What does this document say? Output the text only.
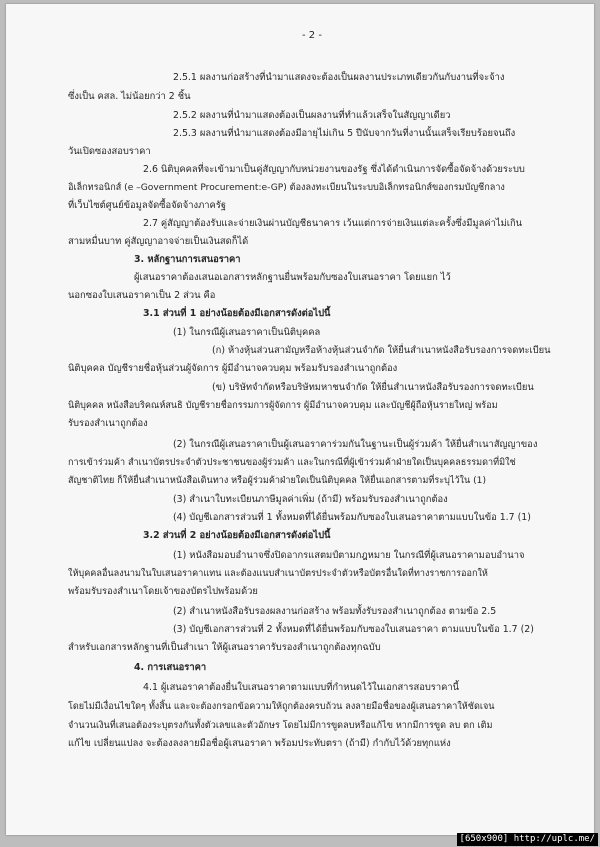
- 2 -
2.5.1 ผลงานก่อสร้างที่นำมาแสดงจะต้องเป็นผลงานประเภทเดียวกันกับงานที่จะจ้าง
ซึ่งเป็น คสล. ไม่น้อยกว่า 2 ชิ้น
2.5.2 ผลงานที่นำมาแสดงต้องเป็นผลงานที่ทำแล้วเสร็จในสัญญาเดียว
2.5.3 ผลงานที่นำมาแสดงต้องมีอายุไม่เกิน 5 ปีนับจากวันที่งานนั้นเสร็จเรียบร้อยจนถึง
วันเปิดซองสอบราคา
2.6 นิติบุคคลที่จะเข้ามาเป็นคู่สัญญากับหน่วยงานของรัฐ ซึ่งได้ดำเนินการจัดซื้อจัดจ้างด้วยระบบ
อิเล็กทรอนิกส์ (e –Government Procurement:e-GP) ต้องลงทะเบียนในระบบอิเล็กทรอนิกส์ของกรมบัญชีกลาง
ที่เว็บไซต์ศูนย์ข้อมูลจัดซื้อจัดจ้างภาครัฐ
2.7 คู่สัญญาต้องรับและจ่ายเงินผ่านบัญชีธนาคาร เว้นแต่การจ่ายเงินแต่ละครั้งซึ่งมีมูลค่าไม่เกิน
สามหมื่นบาท คู่สัญญาอาจจ่ายเป็นเงินสดก็ได้
3. หลักฐานการเสนอราคา
ผู้เสนอราคาต้องเสนอเอกสารหลักฐานยื่นพร้อมกับซองใบเสนอราคา โดยแยก ไว้
นอกซองใบเสนอราคาเป็น 2 ส่วน คือ
3.1 ส่วนที่ 1 อย่างน้อยต้องมีเอกสารดังต่อไปนี้
(1) ในกรณีผู้เสนอราคาเป็นนิติบุคคล
(ก) ห้างหุ้นส่วนสามัญหรือห้างหุ้นส่วนจำกัด ให้ยื่นสำเนาหนังสือรับรองการจดทะเบียน
นิติบุคคล บัญชีรายชื่อหุ้นส่วนผู้จัดการ ผู้มีอำนาจควบคุม พร้อมรับรองสำเนาถูกต้อง
(ข) บริษัทจำกัดหรือบริษัทมหาชนจำกัด ให้ยื่นสำเนาหนังสือรับรองการจดทะเบียน
นิติบุคคล หนังสือบริคณห์สนธิ บัญชีรายชื่อกรรมการผู้จัดการ ผู้มีอำนาจควบคุม และบัญชีผู้ถือหุ้นรายใหญ่ พร้อม
รับรองสำเนาถูกต้อง
(2) ในกรณีผู้เสนอราคาเป็นผู้เสนอราคาร่วมกันในฐานะเป็นผู้ร่วมค้า ให้ยื่นสำเนาสัญญาของ
การเข้าร่วมค้า สำเนาบัตรประจำตัวประชาชนของผู้ร่วมค้า และในกรณีที่ผู้เข้าร่วมค้าฝ่ายใดเป็นบุคคลธรรมดาที่มิใช่
สัญชาติไทย ก็ให้ยื่นสำเนาหนังสือเดินทาง หรือผู้ร่วมค้าฝ่ายใดเป็นนิติบุคคล ให้ยื่นเอกสารตามที่ระบุไว้ใน (1)
(3) สำเนาใบทะเบียนภาษีมูลค่าเพิ่ม (ถ้ามี) พร้อมรับรองสำเนาถูกต้อง
(4) บัญชีเอกสารส่วนที่ 1 ทั้งหมดที่ได้ยื่นพร้อมกับซองใบเสนอราคาตามแบบในข้อ 1.7 (1)
3.2 ส่วนที่ 2 อย่างน้อยต้องมีเอกสารดังต่อไปนี้
(1) หนังสือมอบอำนาจซึ่งปิดอากรแสตมป์ตามกฎหมาย ในกรณีที่ผู้เสนอราคามอบอำนาจ
ให้บุคคลอื่นลงนามในใบเสนอราคาแทน และต้องแนบสำเนาบัตรประจำตัวหรือบัตรอื่นใดที่ทางราชการออกให้
พร้อมรับรองสำเนาโดยเจ้าของบัตรไปพร้อมด้วย
(2) สำเนาหนังสือรับรองผลงานก่อสร้าง พร้อมทั้งรับรองสำเนาถูกต้อง ตามข้อ 2.5
(3) บัญชีเอกสารส่วนที่ 2 ทั้งหมดที่ได้ยื่นพร้อมกับซองใบเสนอราคา ตามแบบในข้อ 1.7 (2)
สำหรับเอกสารหลักฐานที่เป็นสำเนา ให้ผู้เสนอราคารับรองสำเนาถูกต้องทุกฉบับ
4. การเสนอราคา
4.1 ผู้เสนอราคาต้องยื่นใบเสนอราคาตามแบบที่กำหนดไว้ในเอกสารสอบราคานี้
โดยไม่มีเงื่อนไขใดๆ ทั้งสิ้น และจะต้องกรอกข้อความให้ถูกต้องครบถ้วน ลงลายมือชื่อของผู้เสนอราคาให้ชัดเจน
จำนวนเงินที่เสนอต้องระบุตรงกันทั้งตัวเลขและตัวอักษร โดยไม่มีการขูดลบหรือแก้ไข หากมีการขูด ลบ ตก เติม
แก้ไข เปลี่ยนแปลง จะต้องลงลายมือชื่อผู้เสนอราคา พร้อมประทับตรา (ถ้ามี) กำกับไว้ด้วยทุกแห่ง
[650x900] http://uplc.me/
